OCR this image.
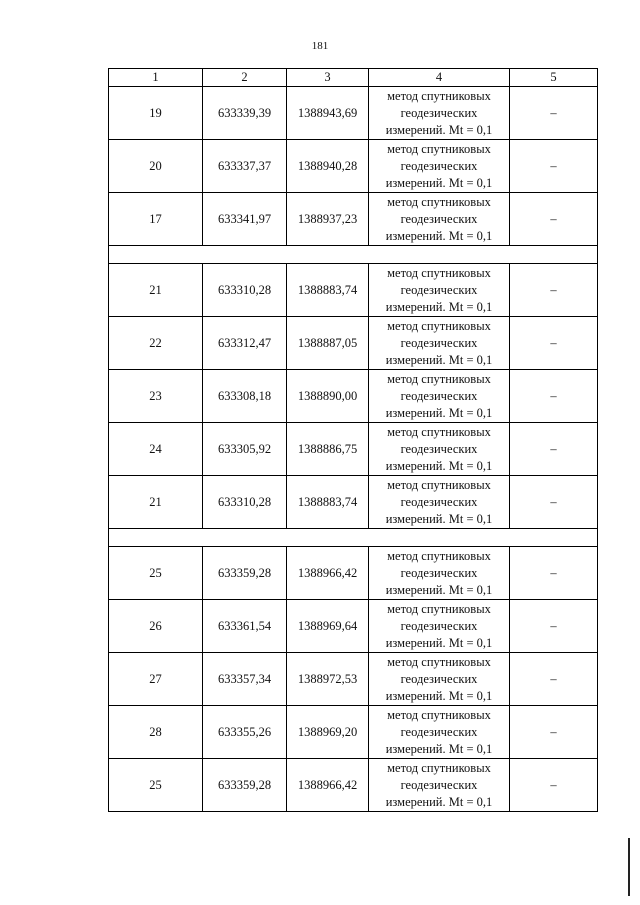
181
1	2	3	4	5
19	633339,39	1388943,69	метод спутниковых
геодезических
измерений. Mt = 0,1	–
20	633337,37	1388940,28	метод спутниковых
геодезических
измерений. Mt = 0,1	–
17	633341,97	1388937,23	метод спутниковых
геодезических
измерений. Mt = 0,1	–

21	633310,28	1388883,74	метод спутниковых
геодезических
измерений. Mt = 0,1	–
22	633312,47	1388887,05	метод спутниковых
геодезических
измерений. Mt = 0,1	–
23	633308,18	1388890,00	метод спутниковых
геодезических
измерений. Mt = 0,1	–
24	633305,92	1388886,75	метод спутниковых
геодезических
измерений. Mt = 0,1	–
21	633310,28	1388883,74	метод спутниковых
геодезических
измерений. Mt = 0,1	–

25	633359,28	1388966,42	метод спутниковых
геодезических
измерений. Mt = 0,1	–
26	633361,54	1388969,64	метод спутниковых
геодезических
измерений. Mt = 0,1	–
27	633357,34	1388972,53	метод спутниковых
геодезических
измерений. Mt = 0,1	–
28	633355,26	1388969,20	метод спутниковых
геодезических
измерений. Mt = 0,1	–
25	633359,28	1388966,42	метод спутниковых
геодезических
измерений. Mt = 0,1	–
